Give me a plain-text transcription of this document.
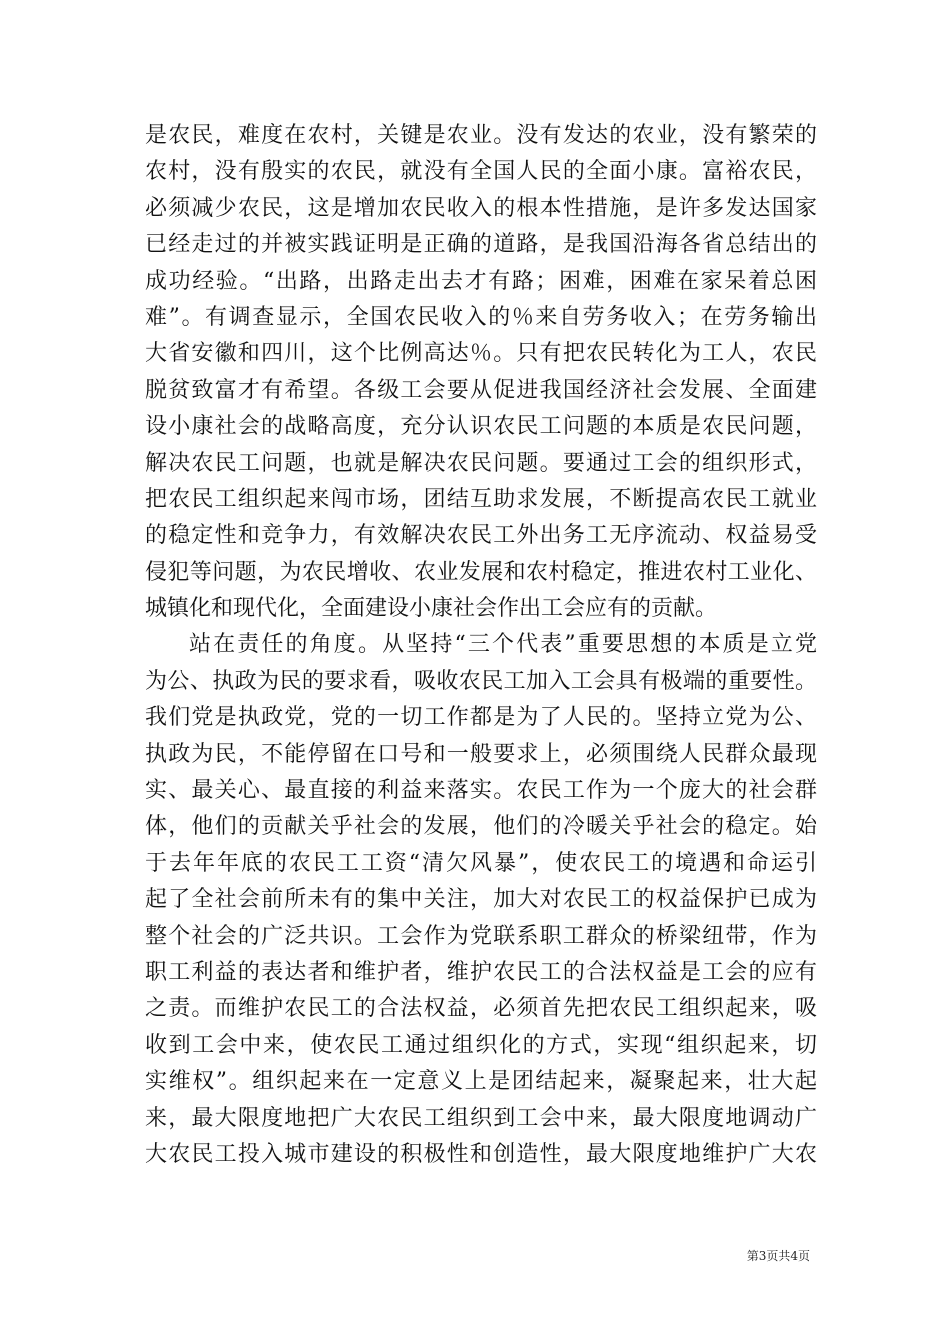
是农民，难度在农村，关键是农业。没有发达的农业，没有繁荣的
农村，没有殷实的农民，就没有全国人民的全面小康。富裕农民，
必须减少农民，这是增加农民收入的根本性措施，是许多发达国家
已经走过的并被实践证明是正确的道路，是我国沿海各省总结出的
成功经验。“出路，出路走出去才有路；困难，困难在家呆着总困
难”。有调查显示，全国农民收入的％来自劳务收入；在劳务输出
大省安徽和四川，这个比例高达％。只有把农民转化为工人，农民
脱贫致富才有希望。各级工会要从促进我国经济社会发展、全面建
设小康社会的战略高度，充分认识农民工问题的本质是农民问题，
解决农民工问题，也就是解决农民问题。要通过工会的组织形式，
把农民工组织起来闯市场，团结互助求发展，不断提高农民工就业
的稳定性和竞争力，有效解决农民工外出务工无序流动、权益易受
侵犯等问题，为农民增收、农业发展和农村稳定，推进农村工业化、
城镇化和现代化，全面建设小康社会作出工会应有的贡献。
站在责任的角度。从坚持“三个代表”重要思想的本质是立党
为公、执政为民的要求看，吸收农民工加入工会具有极端的重要性。
我们党是执政党，党的一切工作都是为了人民的。坚持立党为公、
执政为民，不能停留在口号和一般要求上，必须围绕人民群众最现
实、最关心、最直接的利益来落实。农民工作为一个庞大的社会群
体，他们的贡献关乎社会的发展，他们的冷暖关乎社会的稳定。始
于去年年底的农民工工资“清欠风暴”，使农民工的境遇和命运引
起了全社会前所未有的集中关注，加大对农民工的权益保护已成为
整个社会的广泛共识。工会作为党联系职工群众的桥梁纽带，作为
职工利益的表达者和维护者，维护农民工的合法权益是工会的应有
之责。而维护农民工的合法权益，必须首先把农民工组织起来，吸
收到工会中来，使农民工通过组织化的方式，实现“组织起来，切
实维权”。组织起来在一定意义上是团结起来，凝聚起来，壮大起
来，最大限度地把广大农民工组织到工会中来，最大限度地调动广
大农民工投入城市建设的积极性和创造性，最大限度地维护广大农
第3页共4页
